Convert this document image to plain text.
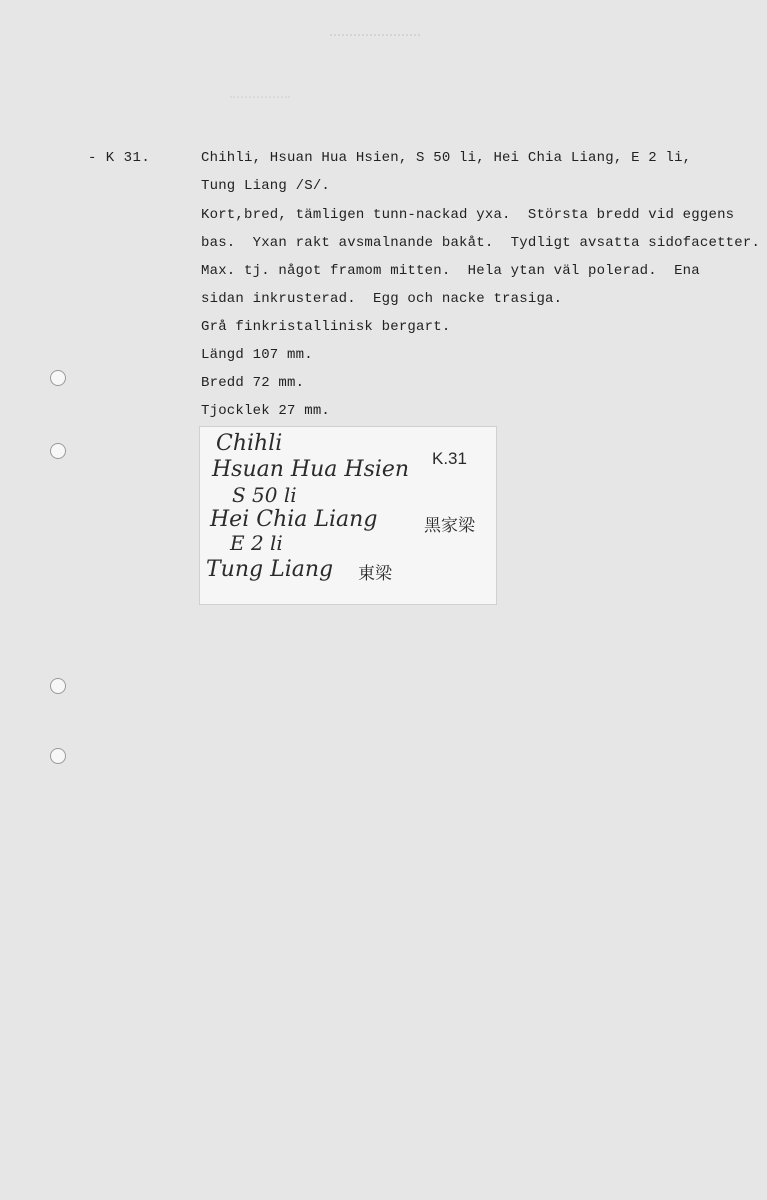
- K 31.	Chihli, Hsuan Hua Hsien, S 50 li, Hei Chia Liang, E 2 li,
Tung Liang /S/.
Kort,bred, tämligen tunn-nackad yxa.  Största bredd vid eggens
bas.  Yxan rakt avsmalnande bakåt.  Tydligt avsatta sidofacetter.
Max. tj. något framom mitten.  Hela ytan väl polerad.  Ena
sidan inkrusterad.  Egg och nacke trasiga.
Grå finkristallinisk bergart.
Längd 107 mm.
Bredd 72 mm.
Tjocklek 27 mm.
Chihli
Hsuan Hua Hsien K.31
S 50 li
Hei Chia Liang	黑家梁
E 2 li
Tung Liang 東梁
